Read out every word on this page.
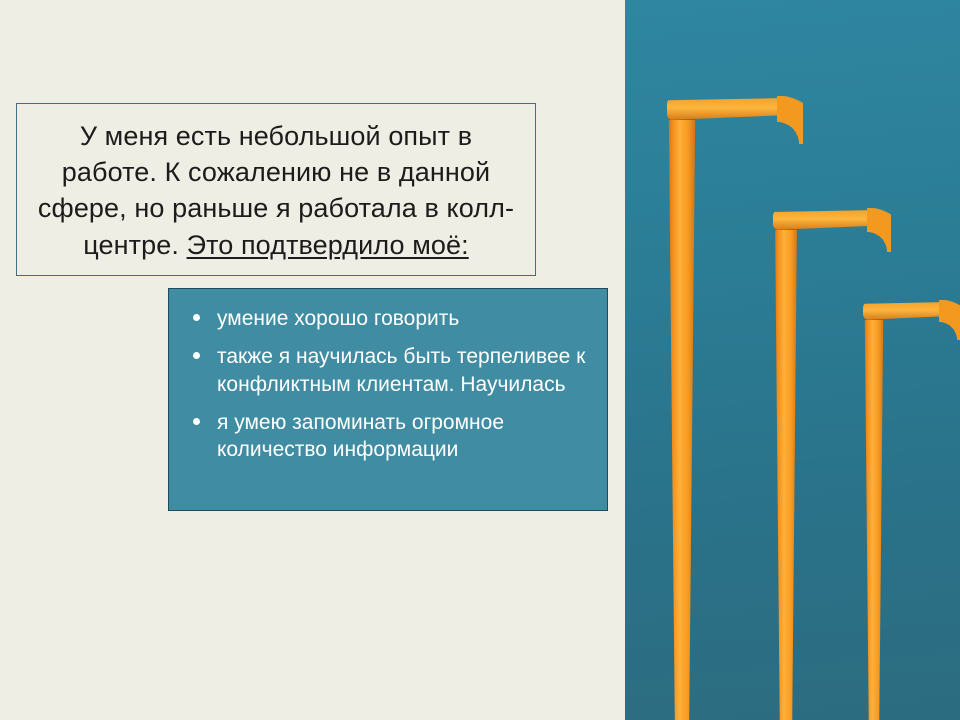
У меня есть небольшой опыт в работе. К сожалению не в данной сфере, но раньше я работала в колл- центре. Это подтвердило моё:
умение хорошо говорить
также я научилась быть терпеливее к конфликтным клиентам. Научилась
я умею запоминать огромное количество информации
